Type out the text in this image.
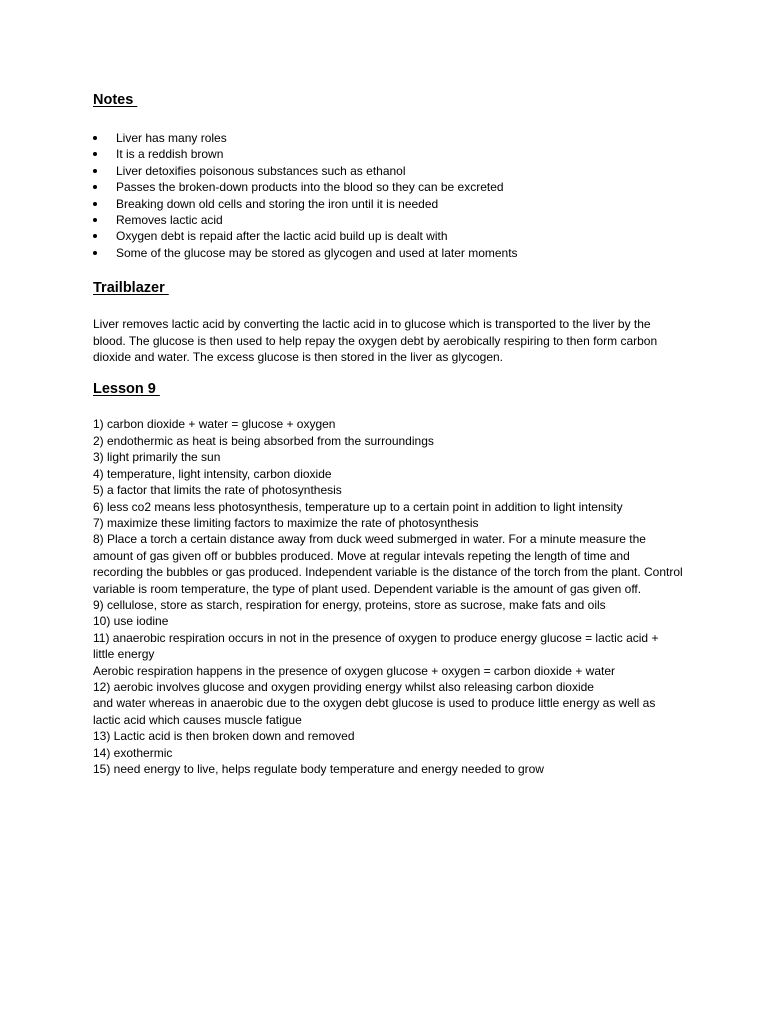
Notes
Liver has many roles
It is a reddish brown
Liver detoxifies poisonous substances such as ethanol
Passes the broken-down products into the blood so they can be excreted
Breaking down old cells and storing the iron until it is needed
Removes lactic acid
Oxygen debt is repaid after the lactic acid build up is dealt with
Some of the glucose may be stored as glycogen and used at later moments
Trailblazer
Liver removes lactic acid by converting the lactic acid in to glucose which is transported to the liver by the blood. The glucose is then used to help repay the oxygen debt by aerobically respiring to then form carbon dioxide and water. The excess glucose is then stored in the liver as glycogen.
Lesson 9
1) carbon dioxide + water = glucose + oxygen
2) endothermic as heat is being absorbed from the surroundings
3) light primarily the sun
4) temperature, light intensity, carbon dioxide
5) a factor that limits the rate of photosynthesis
6) less co2 means less photosynthesis, temperature up to a certain point in addition to light intensity
7) maximize these limiting factors to maximize the rate of photosynthesis
8) Place a torch a certain distance away from duck weed submerged in water. For a minute measure the amount of gas given off or bubbles produced. Move at regular intevals repeting the length of time and recording the bubbles or gas produced. Independent variable is the distance of the torch from the plant. Control variable is room temperature, the type of plant used. Dependent variable is the amount of gas given off.
9) cellulose, store as starch, respiration for energy, proteins, store as sucrose, make fats and oils
10) use iodine
11) anaerobic respiration occurs in not in the presence of oxygen to produce energy glucose = lactic acid + little energy
Aerobic respiration happens in the presence of oxygen glucose + oxygen = carbon dioxide + water
12) aerobic involves glucose and oxygen providing energy whilst also releasing carbon dioxide
and water whereas in anaerobic due to the oxygen debt glucose is used to produce little energy as well as lactic acid which causes muscle fatigue
13) Lactic acid is then broken down and removed
14) exothermic
15) need energy to live, helps regulate body temperature and energy needed to grow
